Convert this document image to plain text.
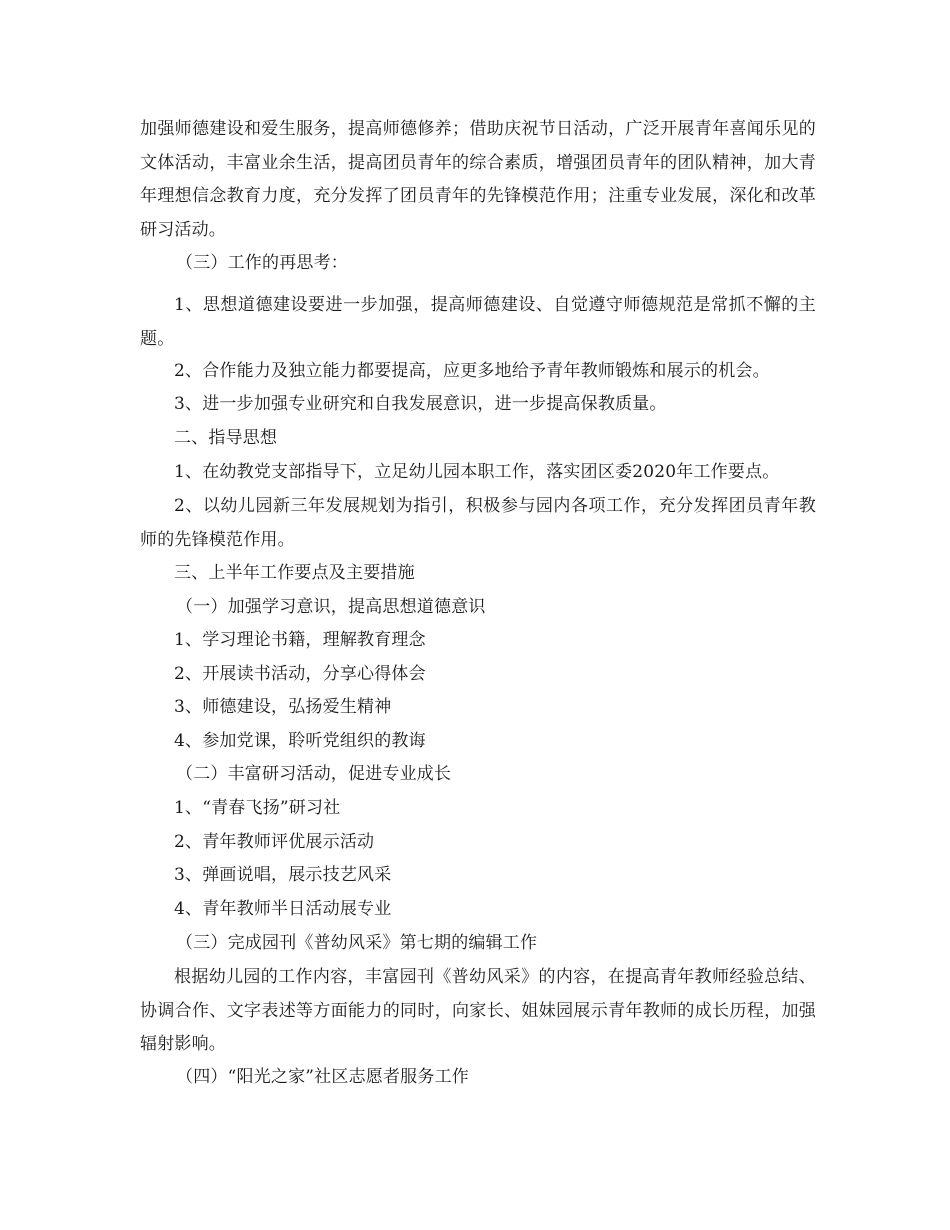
加强师德建设和爱生服务，提高师德修养；借助庆祝节日活动，广泛开展青年喜闻乐见的文体活动，丰富业余生活，提高团员青年的综合素质，增强团员青年的团队精神，加大青年理想信念教育力度，充分发挥了团员青年的先锋模范作用；注重专业发展，深化和改革研习活动。

（三）工作的再思考：

1、思想道德建设要进一步加强，提高师德建设、自觉遵守师德规范是常抓不懈的主题。

2、合作能力及独立能力都要提高，应更多地给予青年教师锻炼和展示的机会。

3、进一步加强专业研究和自我发展意识，进一步提高保教质量。

二、指导思想

1、在幼教党支部指导下，立足幼儿园本职工作，落实团区委2020年工作要点。

2、以幼儿园新三年发展规划为指引，积极参与园内各项工作，充分发挥团员青年教师的先锋模范作用。

三、上半年工作要点及主要措施

（一）加强学习意识，提高思想道德意识

1、学习理论书籍，理解教育理念

2、开展读书活动，分享心得体会

3、师德建设，弘扬爱生精神

4、参加党课，聆听党组织的教诲

（二）丰富研习活动，促进专业成长

1、“青春飞扬”研习社

2、青年教师评优展示活动

3、弹画说唱，展示技艺风采

4、青年教师半日活动展专业

（三）完成园刊《普幼风采》第七期的编辑工作

根据幼儿园的工作内容，丰富园刊《普幼风采》的内容，在提高青年教师经验总结、协调合作、文字表述等方面能力的同时，向家长、姐妹园展示青年教师的成长历程，加强辐射影响。

（四）“阳光之家”社区志愿者服务工作
